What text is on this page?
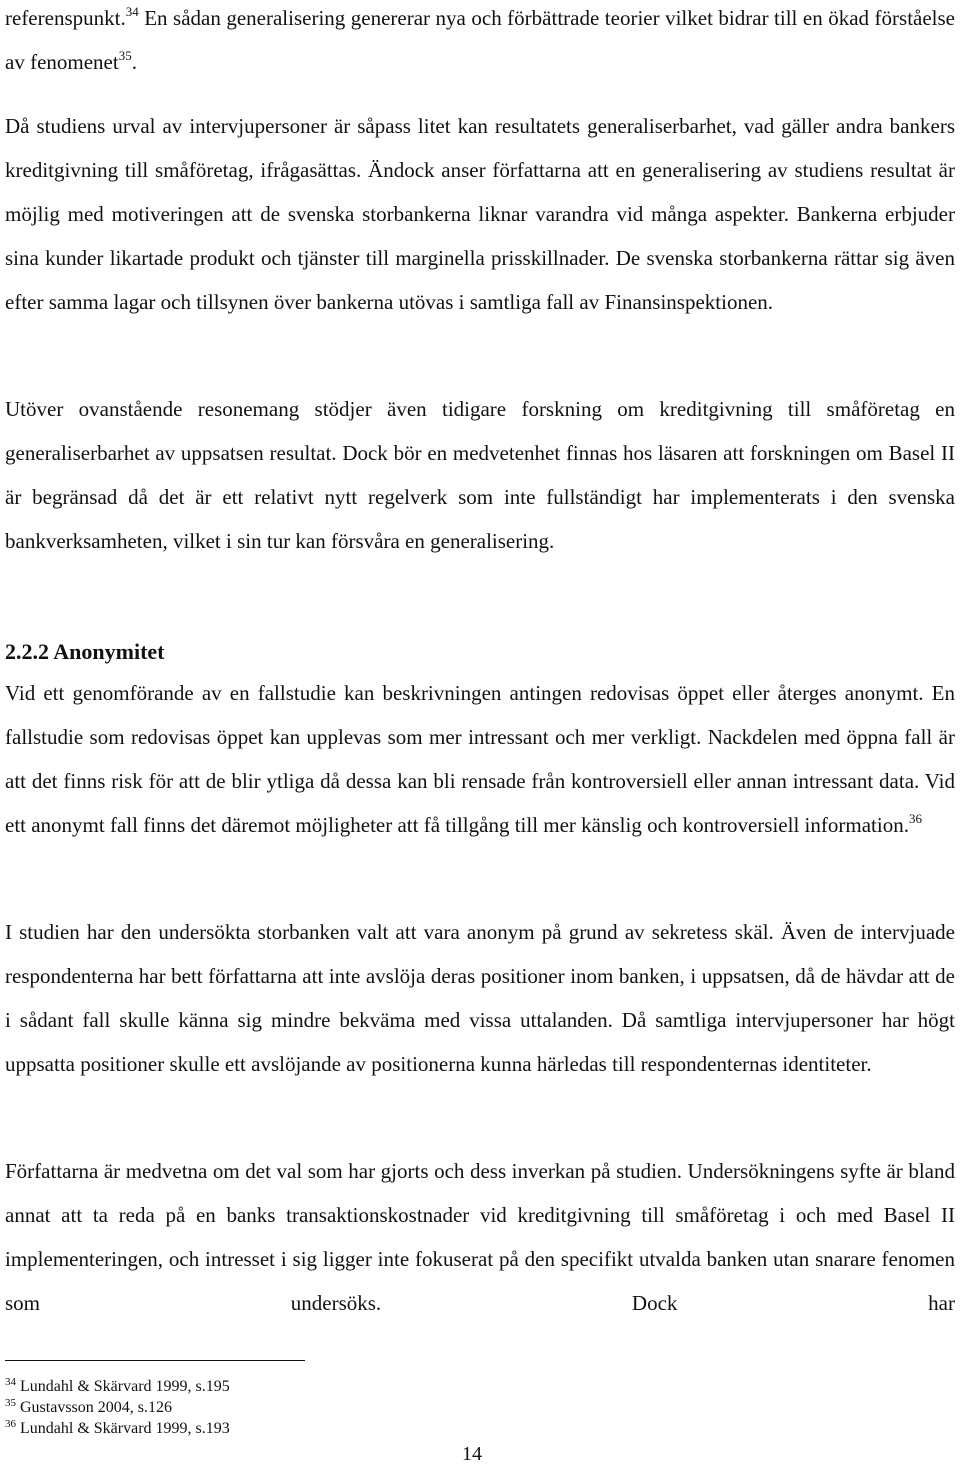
referenspunkt.$^{34}$ En sådan generalisering genererar nya och förbättrade teorier vilket bidrar till en ökad förståelse av fenomenet$^{35}$.

Då studiens urval av intervjupersoner är såpass litet kan resultatets generaliserbarhet, vad gäller andra bankers kreditgivning till småföretag, ifrågasättas. Ändock anser författarna att en generalisering av studiens resultat är möjlig med motiveringen att de svenska storbankerna liknar varandra vid många aspekter. Bankerna erbjuder sina kunder likartade produkt och tjänster till marginella prisskillnader. De svenska storbankerna rättar sig även efter samma lagar och tillsynen över bankerna utövas i samtliga fall av Finansinspektionen.

Utöver ovanstående resonemang stödjer även tidigare forskning om kreditgivning till småföretag en generaliserbarhet av uppsatsen resultat. Dock bör en medvetenhet finnas hos läsaren att forskningen om Basel II är begränsad då det är ett relativt nytt regelverk som inte fullständigt har implementerats i den svenska bankverksamheten, vilket i sin tur kan försvåra en generalisering.

2.2.2 Anonymitet

Vid ett genomförande av en fallstudie kan beskrivningen antingen redovisas öppet eller återges anonymt. En fallstudie som redovisas öppet kan upplevas som mer intressant och mer verkligt. Nackdelen med öppna fall är att det finns risk för att de blir ytliga då dessa kan bli rensade från kontroversiell eller annan intressant data. Vid ett anonymt fall finns det däremot möjligheter att få tillgång till mer känslig och kontroversiell information.$^{36}$

I studien har den undersökta storbanken valt att vara anonym på grund av sekretess skäl. Även de intervjuade respondenterna har bett författarna att inte avslöja deras positioner inom banken, i uppsatsen, då de hävdar att de i sådant fall skulle känna sig mindre bekväma med vissa uttalanden. Då samtliga intervjupersoner har högt uppsatta positioner skulle ett avslöjande av positionerna kunna härledas till respondenternas identiteter.

Författarna är medvetna om det val som har gjorts och dess inverkan på studien. Undersökningens syfte är bland annat att ta reda på en banks transaktionskostnader vid kreditgivning till småföretag i och med Basel II implementeringen, och intresset i sig ligger inte fokuserat på den specifikt utvalda banken utan snarare fenomen som undersöks. Dock har

$^{34}$ Lundahl & Skärvard 1999, s.195

$^{35}$ Gustavsson 2004, s.126

$^{36}$ Lundahl & Skärvard 1999, s.193

14
